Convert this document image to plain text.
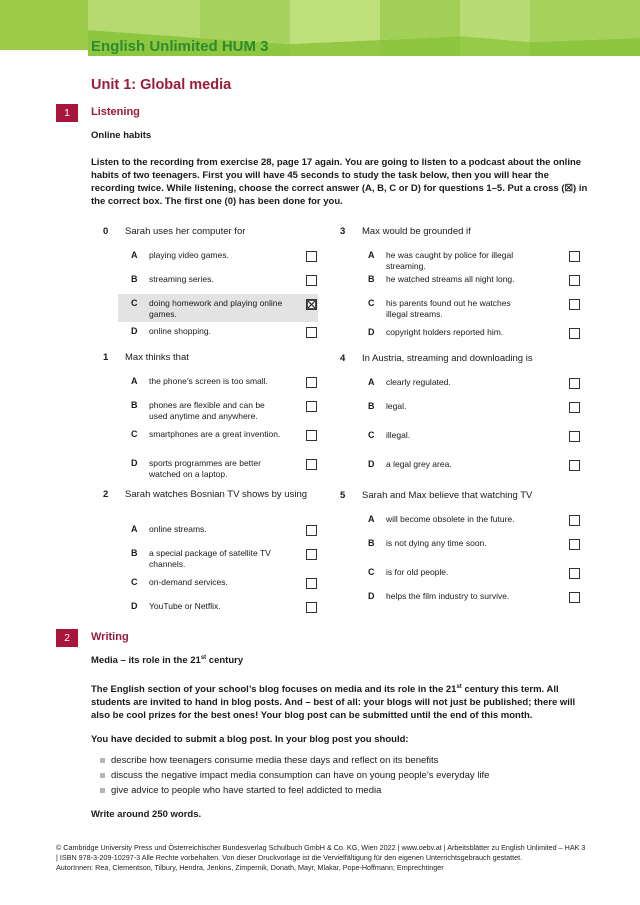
English Unlimited HUM 3
Unit 1: Global media
1	Listening
Online habits
Listen to the recording from exercise 28, page 17 again. You are going to listen to a podcast about the online habits of two teenagers. First you will have 45 seconds to study the task below, then you will hear the recording twice. While listening, choose the correct answer (A, B, C or D) for questions 1–5. Put a cross (☒) in the correct box. The first one (0) has been done for you.
0	Sarah uses her computer for
A playing video games.
B streaming series.
C doing homework and playing online games.
D online shopping.
1	Max thinks that
A the phone’s screen is too small.
B phones are flexible and can be used anytime and anywhere.
C smartphones are a great invention.
D sports programmes are better watched on a laptop.
2	Sarah watches Bosnian TV shows by using
A online streams.
B a special package of satellite TV channels.
C on-demand services.
D YouTube or Netflix.
3	Max would be grounded if
A he was caught by police for illegal streaming.
B he watched streams all night long.
C his parents found out he watches illegal streams.
D copyright holders reported him.
4	In Austria, streaming and downloading is
A clearly regulated.
B legal.
C illegal.
D a legal grey area.
5	Sarah and Max believe that watching TV
A will become obsolete in the future.
B is not dying any time soon.
C is for old people.
D helps the film industry to survive.
2	Writing
Media – its role in the 21st century
The English section of your school’s blog focuses on media and its role in the 21st century this term. All students are invited to hand in blog posts. And – best of all: your blogs will not just be published; there will also be cool prizes for the best ones! Your blog post can be submitted until the end of this month.
You have decided to submit a blog post. In your blog post you should:
describe how teenagers consume media these days and reflect on its benefits
discuss the negative impact media consumption can have on young people’s everyday life
give advice to people who have started to feel addicted to media
Write around 250 words.
© Cambridge University Press und Österreichischer Bundesverlag Schulbuch GmbH & Co. KG, Wien 2022 | www.oebv.at | Arbeitsblätter zu English Unlimited – HAK 3 | ISBN 978-3-209-10297-3 Alle Rechte vorbehalten. Von dieser Druckvorlage ist die Vervielfältigung für den eigenen Unterrichtsgebrauch gestattet.
AutorInnen: Rea, Clementson, Tilbury, Hendra, Jenkins, Zimpernik, Donath, Mayr, Mlakar, Pope-Hoffmann; Emprechtinger
